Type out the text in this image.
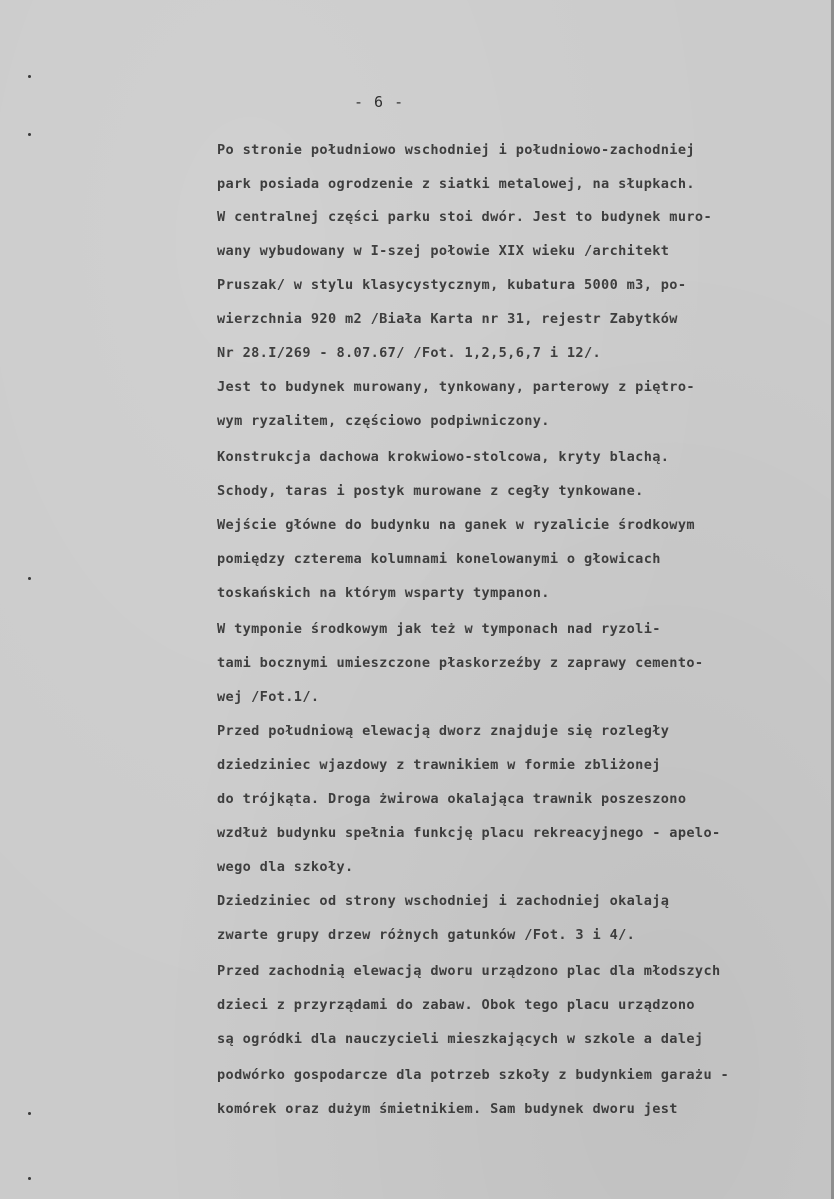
- 6 -
Po stronie południowo wschodniej i południowo-zachodniej
park posiada ogrodzenie z siatki metalowej, na słupkach.
W centralnej części parku stoi dwór. Jest to budynek muro-
wany wybudowany w I-szej połowie XIX wieku /architekt
Pruszak/ w stylu klasycystycznym, kubatura 5000 m3, po-
wierzchnia 920 m2 /Biała Karta nr 31, rejestr Zabytków
Nr 28.I/269 - 8.07.67/ /Fot. 1,2,5,6,7 i 12/.
Jest to budynek murowany, tynkowany, parterowy z piętro-
wym ryzalitem, częściowo podpiwniczony.
Konstrukcja dachowa krokwiowo-stolcowa, kryty blachą.
Schody, taras i postyk murowane z cegły tynkowane.
Wejście główne do budynku na ganek w ryzalicie środkowym
pomiędzy czterema kolumnami konelowanymi o głowicach
toskańskich na którym wsparty tympanon.
W tymponie środkowym jak też w tymponach nad ryzoli-
tami bocznymi umieszczone płaskorzeźby z zaprawy cemento-
wej /Fot.1/.
Przed południową elewacją dworz znajduje się rozległy
dziedziniec wjazdowy z trawnikiem w formie zbliżonej
do trójkąta. Droga żwirowa okalająca trawnik poszeszono
wzdłuż budynku spełnia funkcję placu rekreacyjnego - apelo-
wego dla szkoły.
Dziedziniec od strony wschodniej i zachodniej okalają
zwarte grupy drzew różnych gatunków /Fot. 3 i 4/.
Przed zachodnią elewacją dworu urządzono plac dla młodszych
dzieci z przyrządami do zabaw. Obok tego placu urządzono
są ogródki dla nauczycieli mieszkających w szkole a dalej
podwórko gospodarcze dla potrzeb szkoły z budynkiem garażu -
komórek oraz dużym śmietnikiem. Sam budynek dworu jest
